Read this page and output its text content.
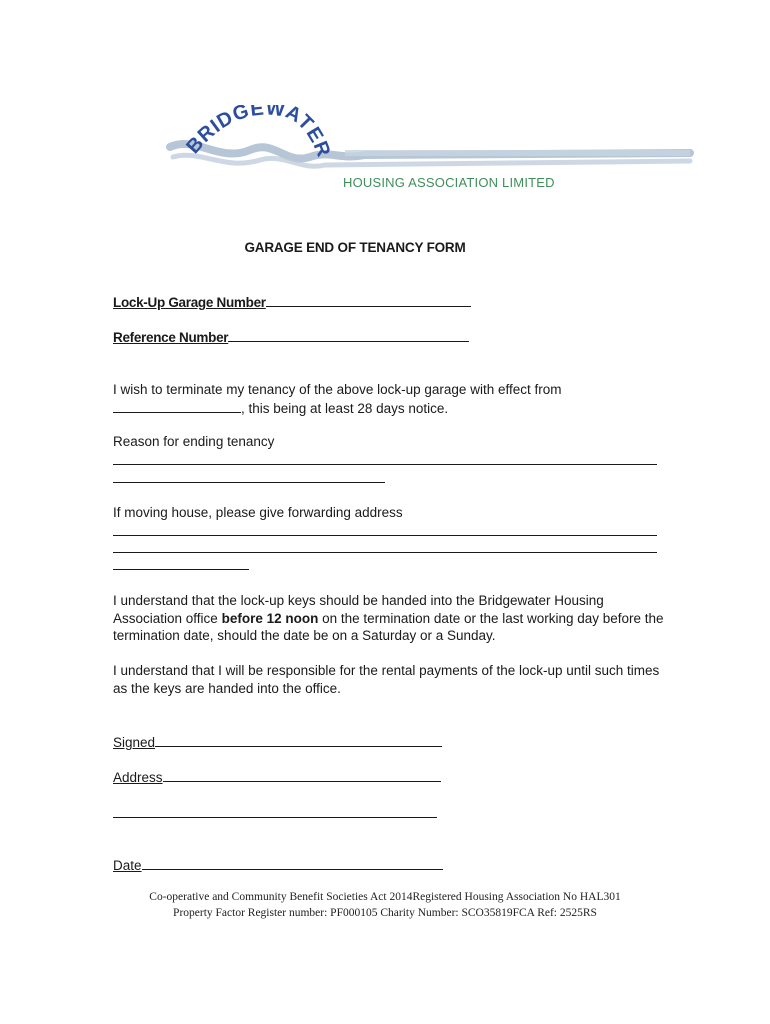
BRIDGEWATER
HOUSING ASSOCIATION LIMITED
GARAGE END OF TENANCY FORM
Lock-Up Garage Number
Reference Number
I wish to terminate my tenancy of the above lock-up garage with effect from
, this being at least 28 days notice.
Reason for ending tenancy
If moving house, please give forwarding address
I understand that the lock-up keys should be handed into the Bridgewater Housing Association office before 12 noon on the termination date or the last working day before the termination date, should the date be on a Saturday or a Sunday.
I understand that I will be responsible for the rental payments of the lock-up until such times as the keys are handed into the office.
Signed
Address
Date
Co-operative and Community Benefit Societies Act 2014Registered Housing Association No HAL301
Property Factor Register number: PF000105 Charity Number: SCO35819FCA Ref: 2525RS
